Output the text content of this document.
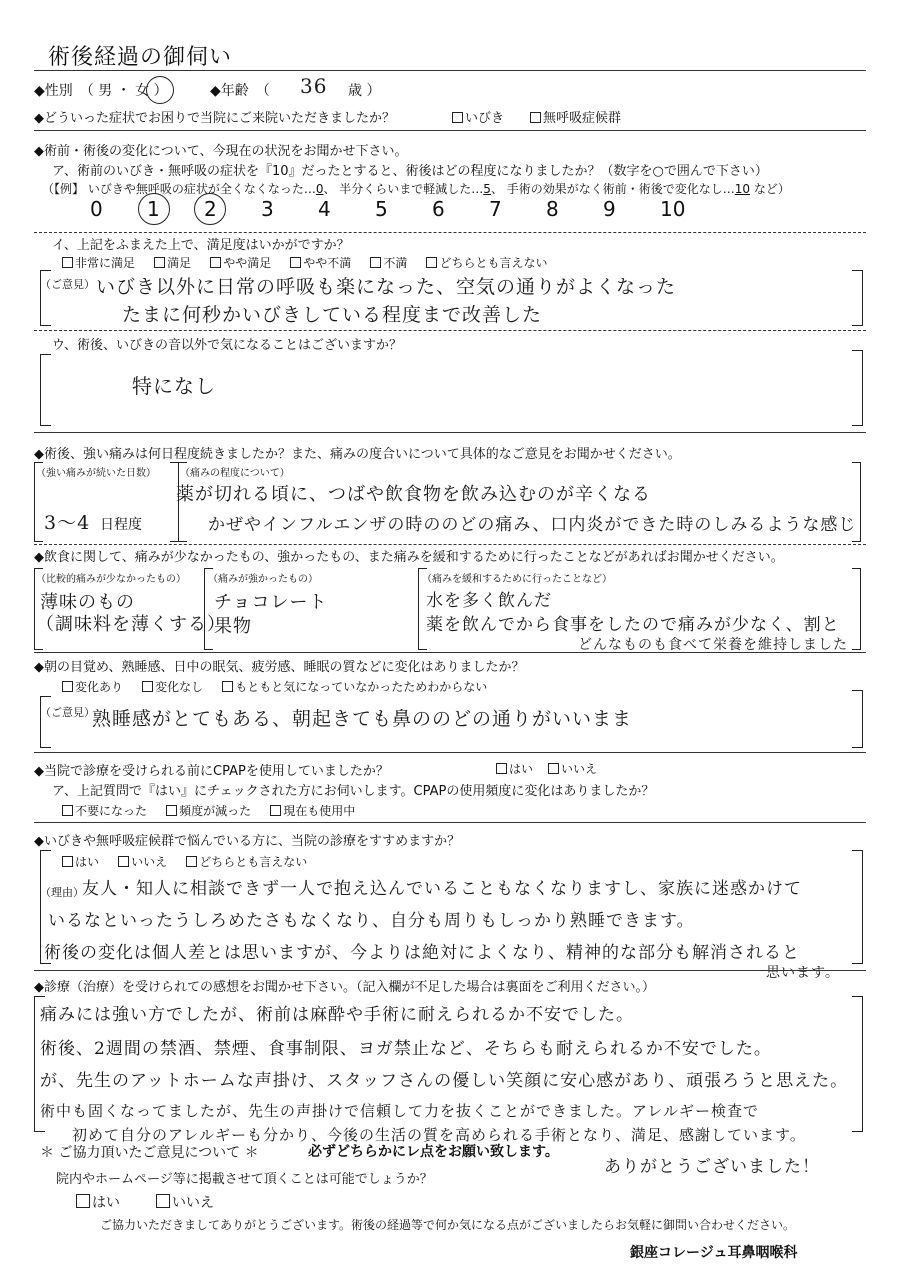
術後経過の御伺い
◆性別　（ 男 ・ 女 ）	◆年齢　（ 36 歳 ）
◆どういった症状でお困りで当院にご来院いただきましたか？	いびき	無呼吸症候群
◆術前・術後の変化について、今現在の状況をお聞かせ下さい。
ア、術前のいびき・無呼吸の症状を『10』だったとすると、術後はどの程度になりましたか？（数字を○で囲んで下さい）
（【例】 いびきや無呼吸の症状が全くなくなった…0、 半分くらいまで軽減した…5、 手術の効果がなく術前・術後で変化なし…10 など）
0 1 2 3 4 5 6 7 8 9 10
イ、上記をふまえた上で、満足度はいかがですか？
非常に満足	満足	やや満足	やや不満	不満	どちらとも言えない
（ご意見） いびき以外に日常の呼吸も楽になった、空気の通りがよくなった
たまに何秒かいびきしている程度まで改善した
ウ、術後、いびきの音以外で気になることはございますか？
特になし
◆術後、強い痛みは何日程度続きましたか？また、痛みの度合いについて具体的なご意見をお聞かせください。
（強い痛みが続いた日数）
3〜4 日程度
（痛みの程度について）
薬が切れる頃に、つばや飲食物を飲み込むのが辛くなる
かぜやインフルエンザの時ののどの痛み、口内炎ができた時のしみるような感じ
◆飲食に関して、痛みが少なかったもの、強かったもの、また痛みを緩和するために行ったことなどがあればお聞かせください。
（比較的痛みが少なかったもの）
薄味のもの
（調味料を薄くする）
（痛みが強かったもの）
チョコレート
果物
（痛みを緩和するために行ったことなど）
水を多く飲んだ
薬を飲んでから食事をしたので痛みが少なく、割と
どんなものも食べて栄養を維持しました
◆朝の目覚め、熟睡感、日中の眠気、疲労感、睡眠の質などに変化はありましたか？
変化あり	変化なし	もともと気になっていなかったためわからない
（ご意見）
熟睡感がとてもある、朝起きても鼻ののどの通りがいいまま
◆当院で診療を受けられる前にCPAPを使用していましたか？	はい	いいえ
ア、上記質問で『はい』にチェックされた方にお伺いします。CPAPの使用頻度に変化はありましたか？
不要になった	頻度が減った	現在も使用中
◆いびきや無呼吸症候群で悩んでいる方に、当院の診療をすすめますか？
はい	いいえ	どちらとも言えない
（理由）
友人・知人に相談できず一人で抱え込んでいることもなくなりますし、家族に迷惑かけて
いるなといったうしろめたさもなくなり、自分も周りもしっかり熟睡できます。
術後の変化は個人差とは思いますが、今よりは絶対によくなり、精神的な部分も解消されると
思います。
◆診療（治療）を受けられての感想をお聞かせ下さい。（記入欄が不足した場合は裏面をご利用ください。）
痛みには強い方でしたが、術前は麻酔や手術に耐えられるか不安でした。
術後、2週間の禁酒、禁煙、食事制限、ヨガ禁止など、そちらも耐えられるか不安でした。
が、先生のアットホームな声掛け、スタッフさんの優しい笑顔に安心感があり、頑張ろうと思えた。
術中も固くなってましたが、先生の声掛けで信頼して力を抜くことができました。アレルギー検査で
初めて自分のアレルギーも分かり、今後の生活の質を高められる手術となり、満足、感謝しています。
ありがとうございました！
＊ ご協力頂いたご意見について ＊	必ずどちらかにレ点をお願い致します。
院内やホームページ等に掲載させて頂くことは可能でしょうか？
はい	いいえ
ご協力いただきましてありがとうございます。術後の経過等で何か気になる点がございましたらお気軽に御問い合わせください。
銀座コレージュ耳鼻咽喉科
